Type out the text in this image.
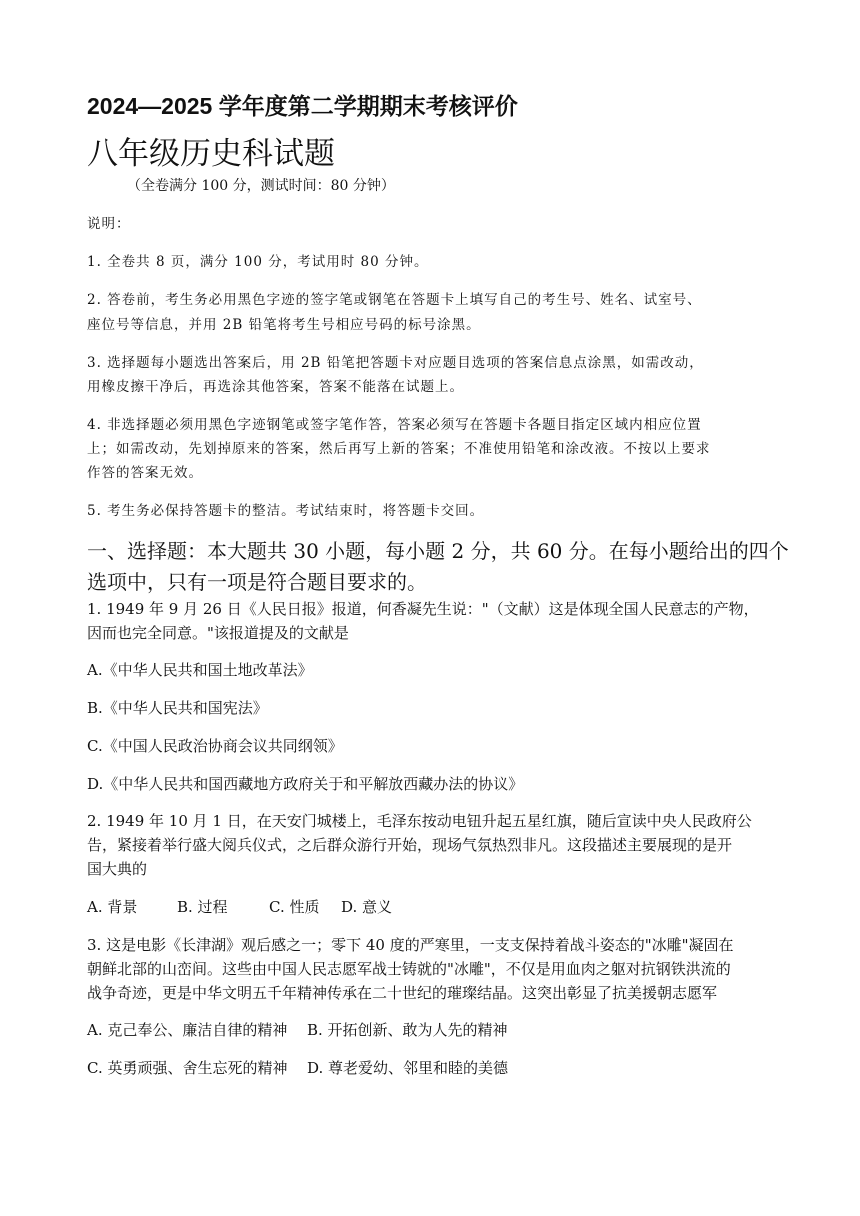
2024—2025 学年度第二学期期末考核评价

八年级历史科试题

（全卷满分 100 分，测试时间：80 分钟）

说明：

1. 全卷共 8 页，满分 100 分，考试用时 80 分钟。

2. 答卷前，考生务必用黑色字迹的签字笔或钢笔在答题卡上填写自己的考生号、姓名、试室号、

座位号等信息，并用 2B 铅笔将考生号相应号码的标号涂黑。

3. 选择题每小题选出答案后，用 2B 铅笔把答题卡对应题目选项的答案信息点涂黑，如需改动，

用橡皮擦干净后，再选涂其他答案，答案不能落在试题上。

4. 非选择题必须用黑色字迹钢笔或签字笔作答，答案必须写在答题卡各题目指定区域内相应位置

上；如需改动，先划掉原来的答案，然后再写上新的答案；不准使用铅笔和涂改液。不按以上要求

作答的答案无效。

5. 考生务必保持答题卡的整洁。考试结束时，将答题卡交回。

一、选择题：本大题共 30 小题，每小题 2 分，共 60 分。在每小题给出的四个

选项中，只有一项是符合题目要求的。

1. 1949 年 9 月 26 日《人民日报》报道，何香凝先生说："（文献）这是体现全国人民意志的产物，

因而也完全同意。"该报道提及的文献是

A.《中华人民共和国土地改革法》

B.《中华人民共和国宪法》

C.《中国人民政治协商会议共同纲领》

D.《中华人民共和国西藏地方政府关于和平解放西藏办法的协议》

2. 1949 年 10 月 1 日，在天安门城楼上，毛泽东按动电钮升起五星红旗，随后宣读中央人民政府公

告，紧接着举行盛大阅兵仪式，之后群众游行开始，现场气氛热烈非凡。这段描述主要展现的是开

国大典的

A. 背景	B. 过程	C. 性质 D. 意义

3. 这是电影《长津湖》观后感之一；零下 40 度的严寒里，一支支保持着战斗姿态的"冰雕"凝固在

朝鲜北部的山峦间。这些由中国人民志愿军战士铸就的"冰雕"，不仅是用血肉之躯对抗钢铁洪流的

战争奇迹，更是中华文明五千年精神传承在二十世纪的璀璨结晶。这突出彰显了抗美援朝志愿军

A. 克己奉公、廉洁自律的精神 B. 开拓创新、敢为人先的精神

C. 英勇顽强、舍生忘死的精神 D. 尊老爱幼、邻里和睦的美德
